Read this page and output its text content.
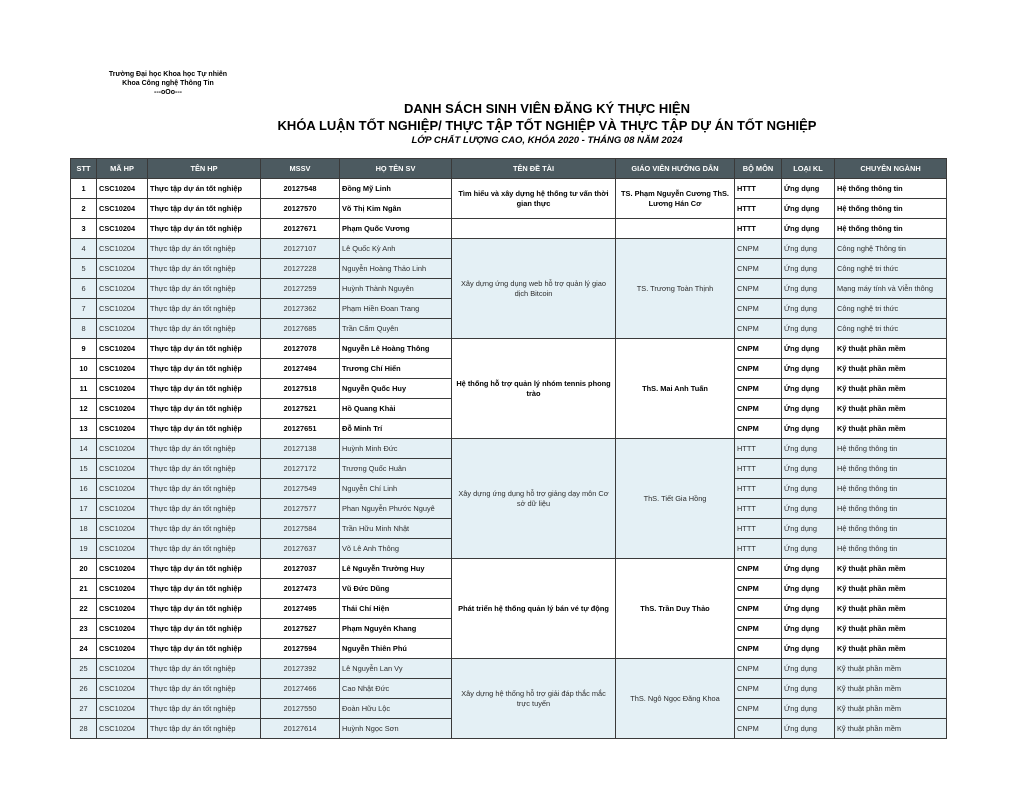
Trường Đại học Khoa học Tự nhiên
Khoa Công nghệ Thông Tin
---oOo---
DANH SÁCH SINH VIÊN ĐĂNG KÝ THỰC HIỆN
KHÓA LUẬN TỐT NGHIỆP/ THỰC TẬP TỐT NGHIỆP VÀ THỰC TẬP DỰ ÁN TỐT NGHIỆP
LỚP CHẤT LƯỢNG CAO, KHÓA 2020 - THÁNG 08 NĂM 2024
STT	MÃ HP	TÊN HP	MSSV	HỌ TÊN SV	TÊN ĐỀ TÀI	GIÁO VIÊN HƯỚNG DẪN	BỘ MÔN	LOẠI KL	CHUYÊN NGÀNH
1	CSC10204	Thực tập dự án tốt nghiệp	20127548	Đồng Mỹ Linh	Tìm hiểu và xây dựng hệ thống tư vấn thời gian thực	TS. Phạm Nguyễn Cương ThS. Lương Hán Cơ	HTTT	Ứng dụng	Hệ thống thông tin
2	CSC10204	Thực tập dự án tốt nghiệp	20127570	Võ Thị Kim Ngân			HTTT	Ứng dụng	Hệ thống thông tin
3	CSC10204	Thực tập dự án tốt nghiệp	20127671	Phạm Quốc Vương			HTTT	Ứng dụng	Hệ thống thông tin
4	CSC10204	Thực tập dự án tốt nghiệp	20127107	Lê Quốc Kỳ Anh	Xây dựng ứng dụng web hỗ trợ quản lý giao dịch Bitcoin	TS. Trương Toàn Thịnh	CNPM	Ứng dụng	Công nghệ Thông tin
5	CSC10204	Thực tập dự án tốt nghiệp	20127228	Nguyễn Hoàng Thảo Linh			CNPM	Ứng dụng	Công nghệ tri thức
6	CSC10204	Thực tập dự án tốt nghiệp	20127259	Huỳnh Thành Nguyên			CNPM	Ứng dụng	Mạng máy tính và Viễn thông
7	CSC10204	Thực tập dự án tốt nghiệp	20127362	Phạm Hiền Đoan Trang			CNPM	Ứng dụng	Công nghệ tri thức
8	CSC10204	Thực tập dự án tốt nghiệp	20127685	Trần Cẩm Quyên			CNPM	Ứng dụng	Công nghệ tri thức
9	CSC10204	Thực tập dự án tốt nghiệp	20127078	Nguyễn Lê Hoàng Thông	Hệ thống hỗ trợ quản lý nhóm tennis phong trào	ThS. Mai Anh Tuấn	CNPM	Ứng dụng	Kỹ thuật phần mềm
10	CSC10204	Thực tập dự án tốt nghiệp	20127494	Trương Chí Hiển			CNPM	Ứng dụng	Kỹ thuật phần mềm
11	CSC10204	Thực tập dự án tốt nghiệp	20127518	Nguyễn Quốc Huy			CNPM	Ứng dụng	Kỹ thuật phần mềm
12	CSC10204	Thực tập dự án tốt nghiệp	20127521	Hồ Quang Khải			CNPM	Ứng dụng	Kỹ thuật phần mềm
13	CSC10204	Thực tập dự án tốt nghiệp	20127651	Đỗ Minh Trí			CNPM	Ứng dụng	Kỹ thuật phần mềm
14	CSC10204	Thực tập dự án tốt nghiệp	20127138	Huỳnh Minh Đức	Xây dựng ứng dụng hỗ trợ giảng dạy môn Cơ sở dữ liệu	ThS. Tiết Gia Hồng	HTTT	Ứng dụng	Hệ thống thông tin
15	CSC10204	Thực tập dự án tốt nghiệp	20127172	Trương Quốc Huân			HTTT	Ứng dụng	Hệ thống thông tin
16	CSC10204	Thực tập dự án tốt nghiệp	20127549	Nguyễn Chí Linh			HTTT	Ứng dụng	Hệ thống thông tin
17	CSC10204	Thực tập dự án tốt nghiệp	20127577	Phan Nguyễn Phước Nguyê			HTTT	Ứng dụng	Hệ thống thông tin
18	CSC10204	Thực tập dự án tốt nghiệp	20127584	Trần Hữu Minh Nhật			HTTT	Ứng dụng	Hệ thống thông tin
19	CSC10204	Thực tập dự án tốt nghiệp	20127637	Võ Lê Anh Thông			HTTT	Ứng dụng	Hệ thống thông tin
20	CSC10204	Thực tập dự án tốt nghiệp	20127037	Lê Nguyễn Trường Huy	Phát triển hệ thống quản lý bán vé tự động	ThS. Trần Duy Thảo	CNPM	Ứng dụng	Kỹ thuật phần mềm
21	CSC10204	Thực tập dự án tốt nghiệp	20127473	Vũ Đức Dũng			CNPM	Ứng dụng	Kỹ thuật phần mềm
22	CSC10204	Thực tập dự án tốt nghiệp	20127495	Thái Chí Hiện			CNPM	Ứng dụng	Kỹ thuật phần mềm
23	CSC10204	Thực tập dự án tốt nghiệp	20127527	Phạm Nguyên Khang			CNPM	Ứng dụng	Kỹ thuật phần mềm
24	CSC10204	Thực tập dự án tốt nghiệp	20127594	Nguyễn Thiên Phú			CNPM	Ứng dụng	Kỹ thuật phần mềm
25	CSC10204	Thực tập dự án tốt nghiệp	20127392	Lê Nguyễn Lan Vy	Xây dựng hệ thống hỗ trợ giải đáp thắc mắc trực tuyến	ThS. Ngô Ngọc Đăng Khoa	CNPM	Ứng dụng	Kỹ thuật phần mềm
26	CSC10204	Thực tập dự án tốt nghiệp	20127466	Cao Nhật Đức			CNPM	Ứng dụng	Kỹ thuật phần mềm
27	CSC10204	Thực tập dự án tốt nghiệp	20127550	Đoàn Hữu Lộc			CNPM	Ứng dụng	Kỹ thuật phần mềm
28	CSC10204	Thực tập dự án tốt nghiệp	20127614	Huỳnh Ngọc Sơn			CNPM	Ứng dụng	Kỹ thuật phần mềm
